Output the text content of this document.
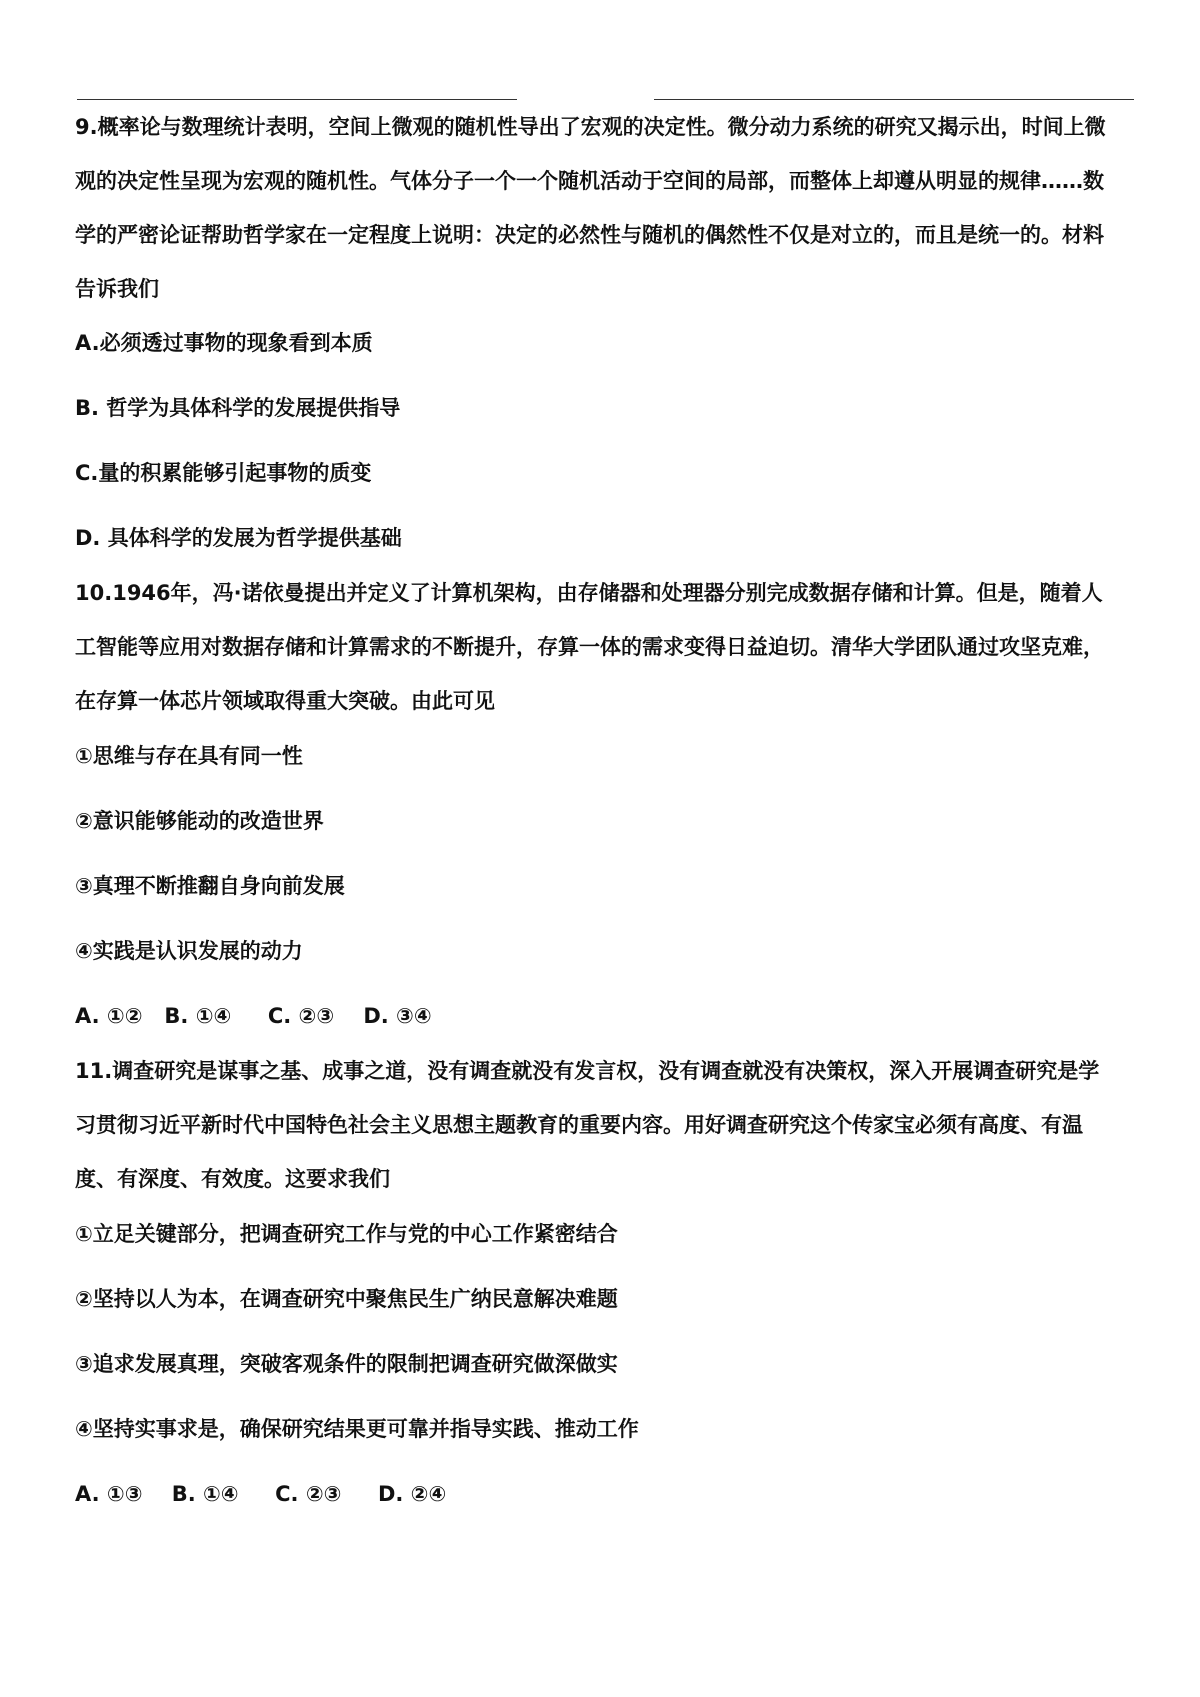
9.概率论与数理统计表明，空间上微观的随机性导出了宏观的决定性。微分动力系统的研究又揭示出，时间上微
观的决定性呈现为宏观的随机性。气体分子一个一个随机活动于空间的局部，而整体上却遵从明显的规律……数
学的严密论证帮助哲学家在一定程度上说明：决定的必然性与随机的偶然性不仅是对立的，而且是统一的。材料
告诉我们
A.必须透过事物的现象看到本质
B. 哲学为具体科学的发展提供指导
C.量的积累能够引起事物的质变
D. 具体科学的发展为哲学提供基础
10.1946年，冯·诺依曼提出并定义了计算机架构，由存储器和处理器分别完成数据存储和计算。但是，随着人
工智能等应用对数据存储和计算需求的不断提升，存算一体的需求变得日益迫切。清华大学团队通过攻坚克难，
在存算一体芯片领域取得重大突破。由此可见
①思维与存在具有同一性
②意识能够能动的改造世界
③真理不断推翻自身向前发展
④实践是认识发展的动力
A. ①②   B. ①④     C. ②③    D. ③④
11.调查研究是谋事之基、成事之道，没有调查就没有发言权，没有调查就没有决策权，深入开展调查研究是学
习贯彻习近平新时代中国特色社会主义思想主题教育的重要内容。用好调查研究这个传家宝必须有高度、有温
度、有深度、有效度。这要求我们
①立足关键部分，把调查研究工作与党的中心工作紧密结合
②坚持以人为本，在调查研究中聚焦民生广纳民意解决难题
③追求发展真理，突破客观条件的限制把调查研究做深做实
④坚持实事求是，确保研究结果更可靠并指导实践、推动工作
A. ①③    B. ①④     C. ②③     D. ②④
